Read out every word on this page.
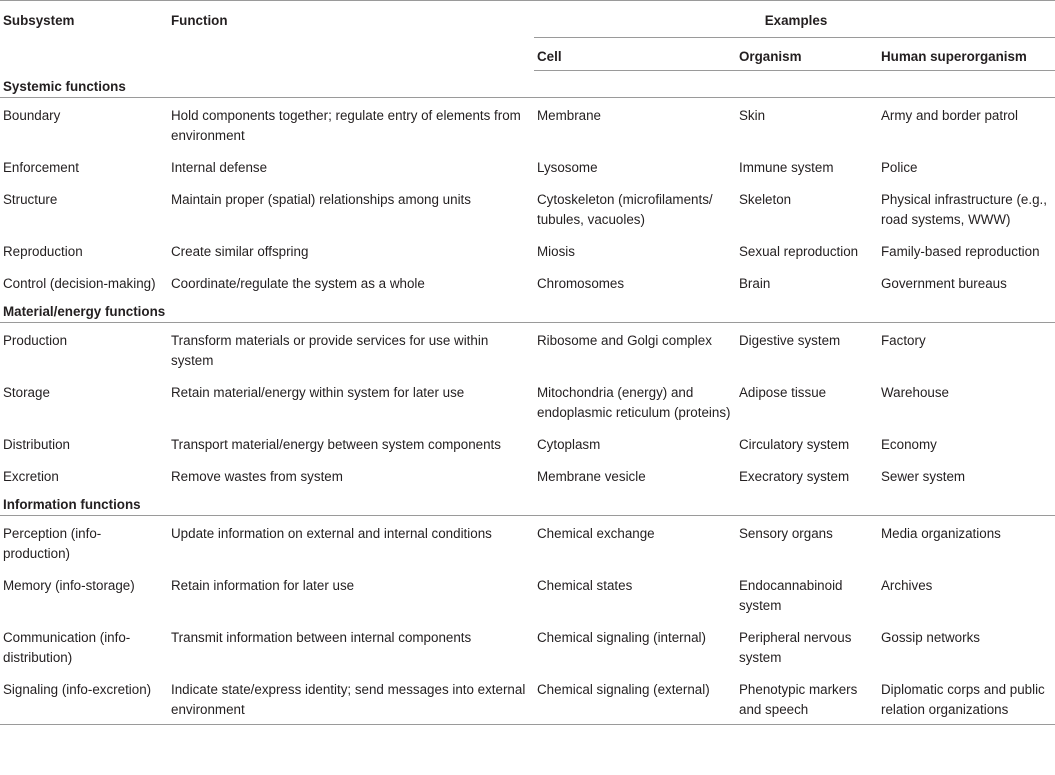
Subsystem	Function	Examples		
		Cell	Organism	Human superorganism
Systemic functions				
Boundary	Hold components together; regulate entry of elements from environment	Membrane	Skin	Army and border patrol
Enforcement	Internal defense	Lysosome	Immune system	Police
Structure	Maintain proper (spatial) relationships among units	Cytoskeleton (microfilaments/ tubules, vacuoles)	Skeleton	Physical infrastructure (e.g., road systems, WWW)
Reproduction	Create similar offspring	Miosis	Sexual reproduction	Family-based reproduction
Control (decision-making)	Coordinate/regulate the system as a whole	Chromosomes	Brain	Government bureaus
Material/energy functions				
Production	Transform materials or provide services for use within system	Ribosome and Golgi complex	Digestive system	Factory
Storage	Retain material/energy within system for later use	Mitochondria (energy) and endoplasmic reticulum (proteins)	Adipose tissue	Warehouse
Distribution	Transport material/energy between system components	Cytoplasm	Circulatory system	Economy
Excretion	Remove wastes from system	Membrane vesicle	Execratory system	Sewer system
Information functions				
Perception (info-production)	Update information on external and internal conditions	Chemical exchange	Sensory organs	Media organizations
Memory (info-storage)	Retain information for later use	Chemical states	Endocannabinoid system	Archives
Communication (info-distribution)	Transmit information between internal components	Chemical signaling (internal)	Peripheral nervous system	Gossip networks
Signaling (info-excretion)	Indicate state/express identity; send messages into external environment	Chemical signaling (external)	Phenotypic markers and speech	Diplomatic corps and public relation organizations
